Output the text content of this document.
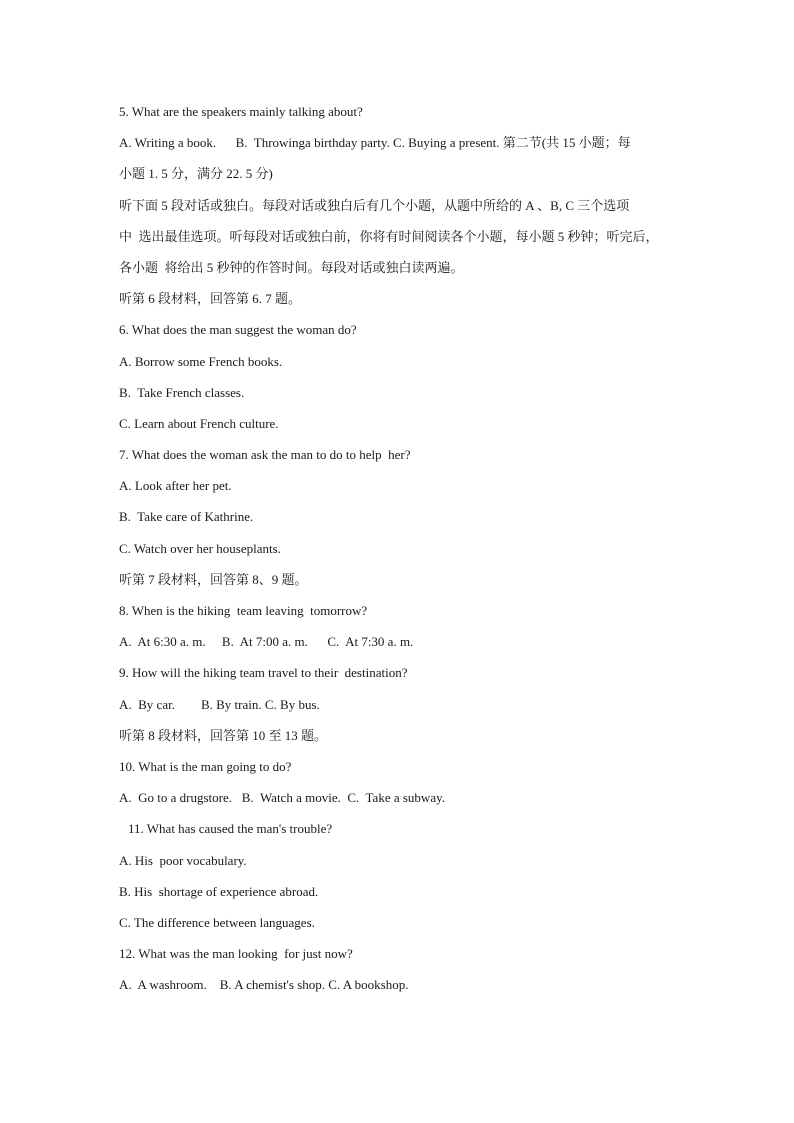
5. What are the speakers mainly talking about?
A. Writing a book.      B.  Throwinga birthday party. C. Buying a present. 第二节(共 15 小题；每
小题 1. 5 分，满分 22. 5 分)
听下面 5 段对话或独白。每段对话或独白后有几个小题，从题中所给的 A 、B, C 三个选项
中  选出最佳选项。听每段对话或独白前，你将有时间阅读各个小题，每小题 5 秒钟；听完后，
各小题  将给出 5 秒钟的作答时间。每段对话或独白读两遍。
听第 6 段材料，回答第 6. 7 题。
6. What does the man suggest the woman do?
A. Borrow some French books.
B.  Take French classes.
C. Learn about French culture.
7. What does the woman ask the man to do to help  her?
A. Look after her pet.
B.  Take care of Kathrine.
C. Watch over her houseplants.
听第 7 段材料，回答第 8、9 题。
8. When is the hiking  team leaving  tomorrow?
A.  At 6:30 a. m.     B.  At 7:00 a. m.      C.  At 7:30 a. m.
9. How will the hiking team travel to their  destination?
A.  By car.        B. By train. C. By bus.
听第 8 段材料，回答第 10 至 13 题。
10. What is the man going to do?
A.  Go to a drugstore.   B.  Watch a movie.  C.  Take a subway.
11. What has caused the man's trouble?
A. His  poor vocabulary.
B. His  shortage of experience abroad.
C. The difference between languages.
12. What was the man looking  for just now?
A.  A washroom.    B. A chemist's shop. C. A bookshop.
